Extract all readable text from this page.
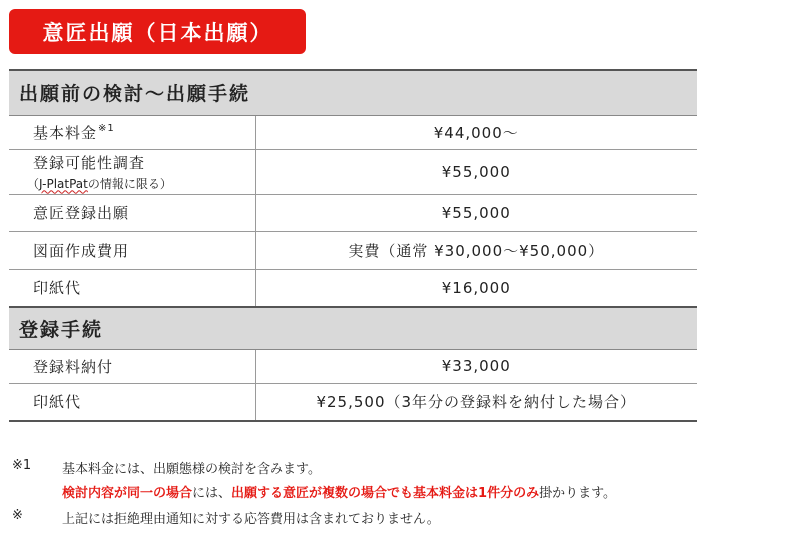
意匠出願（日本出願）
出願前の検討〜出願手続	
基本料金$^{※1}$	¥44,000〜
登録可能性調査
（J-PlatPatの情報に限る）	¥55,000
意匠登録出願	¥55,000
図面作成費用	実費（通常 ¥30,000〜¥50,000）
印紙代	¥16,000
登録手続	
登録料納付	¥33,000
印紙代	¥25,500（3年分の登録料を納付した場合）
※1 基本料金には、出願態様の検討を含みます。
検討内容が同一の場合には、出願する意匠が複数の場合でも基本料金は1件分のみ掛かります。
※	上記には拒絶理由通知に対する応答費用は含まれておりません。
